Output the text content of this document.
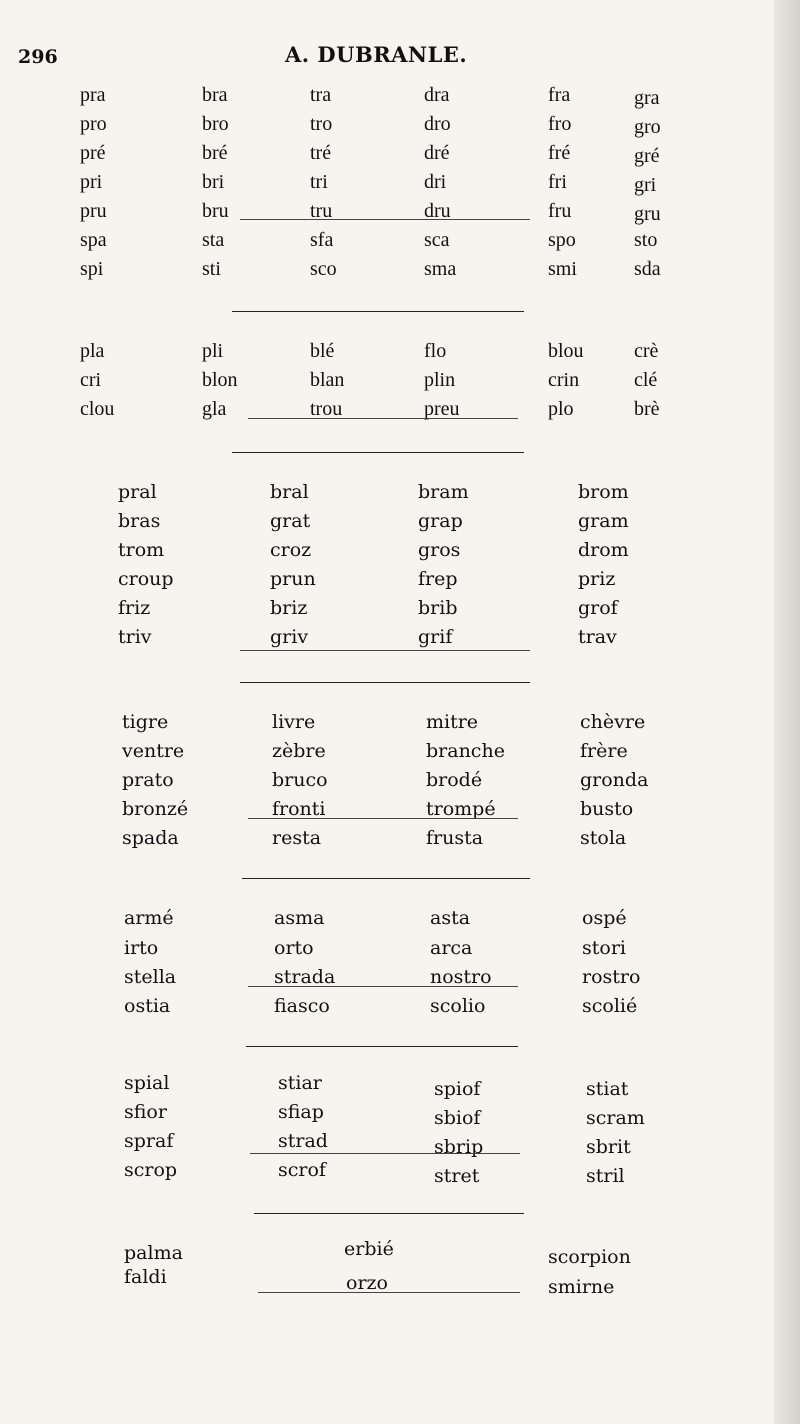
296	A. DUBRANLE.
pra	bra	tra	dra	fra	gra
pro	bro	tro	dro	fro	gro
pré	bré	tré	dré	fré	gré
pri	bri	tri	dri	fri	gri
pru	bru	tru	dru	fru	gru
spa	sta	sfa	sca	spo	sto
spi	sti	sco	sma	smi	sda
pla	pli	blé	flo	blou	crè
cri	blon	blan	plin	crin	clé
clou	gla	trou	preu	plo	brè
pral	bral	bram	brom
bras	grat	grap	gram
trom	croz	gros	drom
croup	prun	frep	priz
friz	briz	brib	grof
triv	griv	grif	trav
tigre	livre	mitre	chèvre
ventre	zèbre	branche	frère
prato	bruco	brodé	gronda
bronzé	fronti	trompé	busto
spada	resta	frusta	stola
armé	asma	asta	ospé
irto	orto	arca	stori
stella	strada	nostro	rostro
ostia	fiasco	scolio	scolié
spial	stiar	spiof	stiat
sfior	sfiap	sbiof	scram
spraf	strad	sbrip	sbrit
scrop	scrof	stret	stril
palma	erbié	scorpion
faldi	orzo	smirne
